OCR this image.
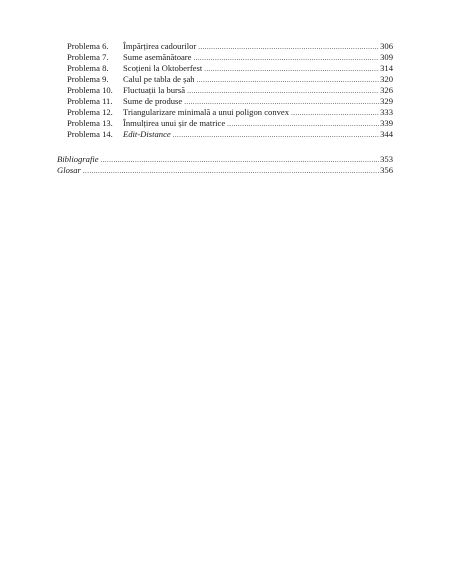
Problema 6. Împărțirea cadourilor .....	306
Problema 7. Sume asemănătoare .....	309
Problema 8. Scoțieni la Oktoberfest .....	314
Problema 9. Calul pe tabla de șah .....	320
Problema 10. Fluctuații la bursă .....	326
Problema 11. Sume de produse .....	329
Problema 12. Triangularizare minimală a unui poligon convex .....	333
Problema 13. Înmulțirea unui șir de matrice .....	339
Problema 14. Edit-Distance .....	344
Bibliografie .....	353
Glosar .....	356
